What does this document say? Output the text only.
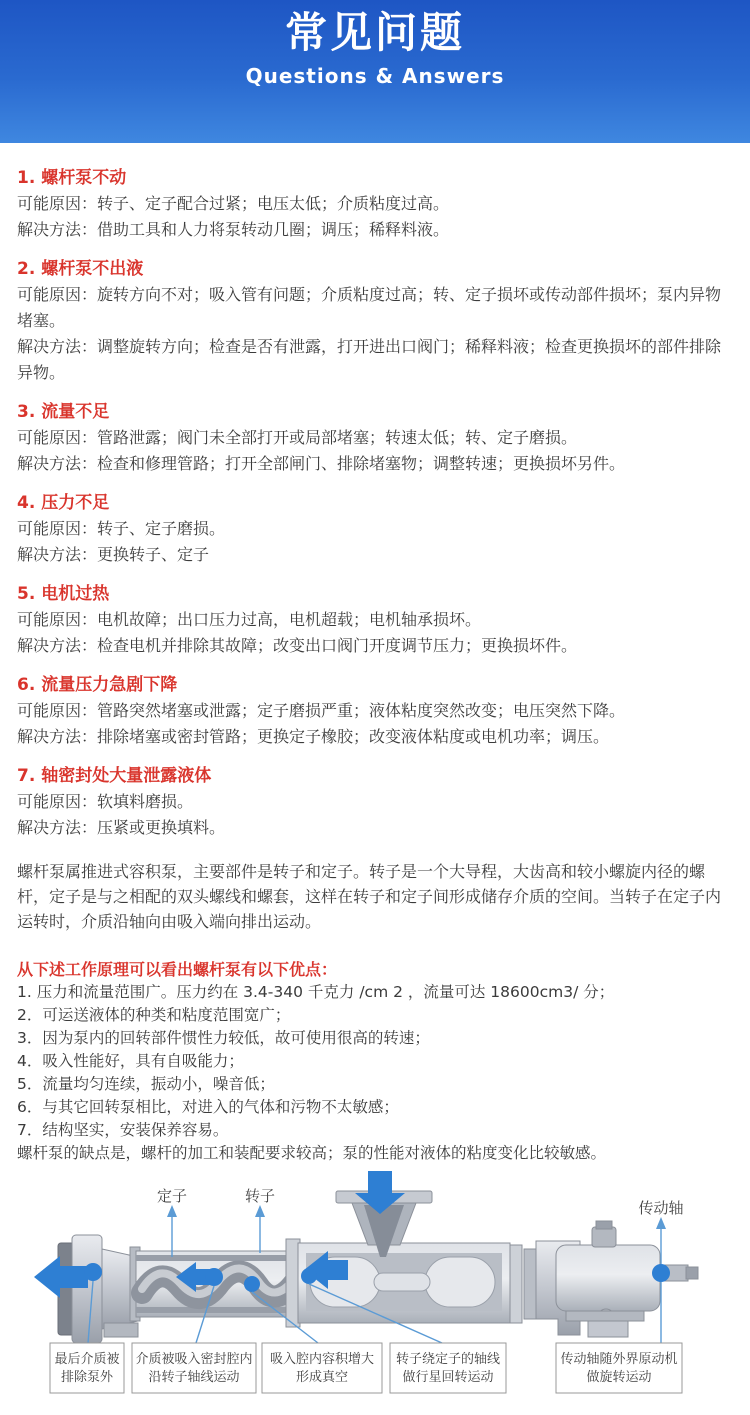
常见问题
Questions & Answers

1. 螺杆泵不动

可能原因：转子、定子配合过紧；电压太低；介质粘度过高。

解决方法：借助工具和人力将泵转动几圈；调压；稀释料液。

2. 螺杆泵不出液

可能原因：旋转方向不对；吸入管有问题；介质粘度过高；转、定子损坏或传动部件损坏；泵内异物堵塞。

解决方法：调整旋转方向；检查是否有泄露，打开进出口阀门；稀释料液；检查更换损坏的部件排除异物。

3. 流量不足

可能原因：管路泄露；阀门未全部打开或局部堵塞；转速太低；转、定子磨损。

解决方法：检查和修理管路；打开全部闸门、排除堵塞物；调整转速；更换损坏另件。

4. 压力不足

可能原因：转子、定子磨损。

解决方法：更换转子、定子

5. 电机过热

可能原因：电机故障；出口压力过高，电机超载；电机轴承损坏。

解决方法：检查电机并排除其故障；改变出口阀门开度调节压力；更换损坏件。

6. 流量压力急剧下降

可能原因：管路突然堵塞或泄露；定子磨损严重；液体粘度突然改变；电压突然下降。

解决方法：排除堵塞或密封管路；更换定子橡胶；改变液体粘度或电机功率；调压。

7. 轴密封处大量泄露液体

可能原因：软填料磨损。

解决方法：压紧或更换填料。

螺杆泵属推进式容积泵，主要部件是转子和定子。转子是一个大导程，大齿高和较小螺旋内径的螺杆，定子是与之相配的双头螺线和螺套，这样在转子和定子间形成储存介质的空间。当转子在定子内运转时，介质沿轴向由吸入端向排出运动。

从下述工作原理可以看出螺杆泵有以下优点：

1. 压力和流量范围广。压力约在 3.4-340 千克力 /cm 2 ，流量可达 18600cm3/ 分；

2．可运送液体的种类和粘度范围宽广；

3．因为泵内的回转部件惯性力较低，故可使用很高的转速；

4．吸入性能好，具有自吸能力；

5．流量均匀连续，振动小，噪音低；

6．与其它回转泵相比，对进入的气体和污物不太敏感；

7．结构坚实，安装保养容易。

螺杆泵的缺点是，螺杆的加工和装配要求较高；泵的性能对液体的粘度变化比较敏感。

定子	转子
传动轴
最后介质被
排除泵外
介质被吸入密封腔内
沿转子轴线运动
吸入腔内容积增大
形成真空
转子绕定子的轴线
做行星回转运动
传动轴随外界原动机
做旋转运动
